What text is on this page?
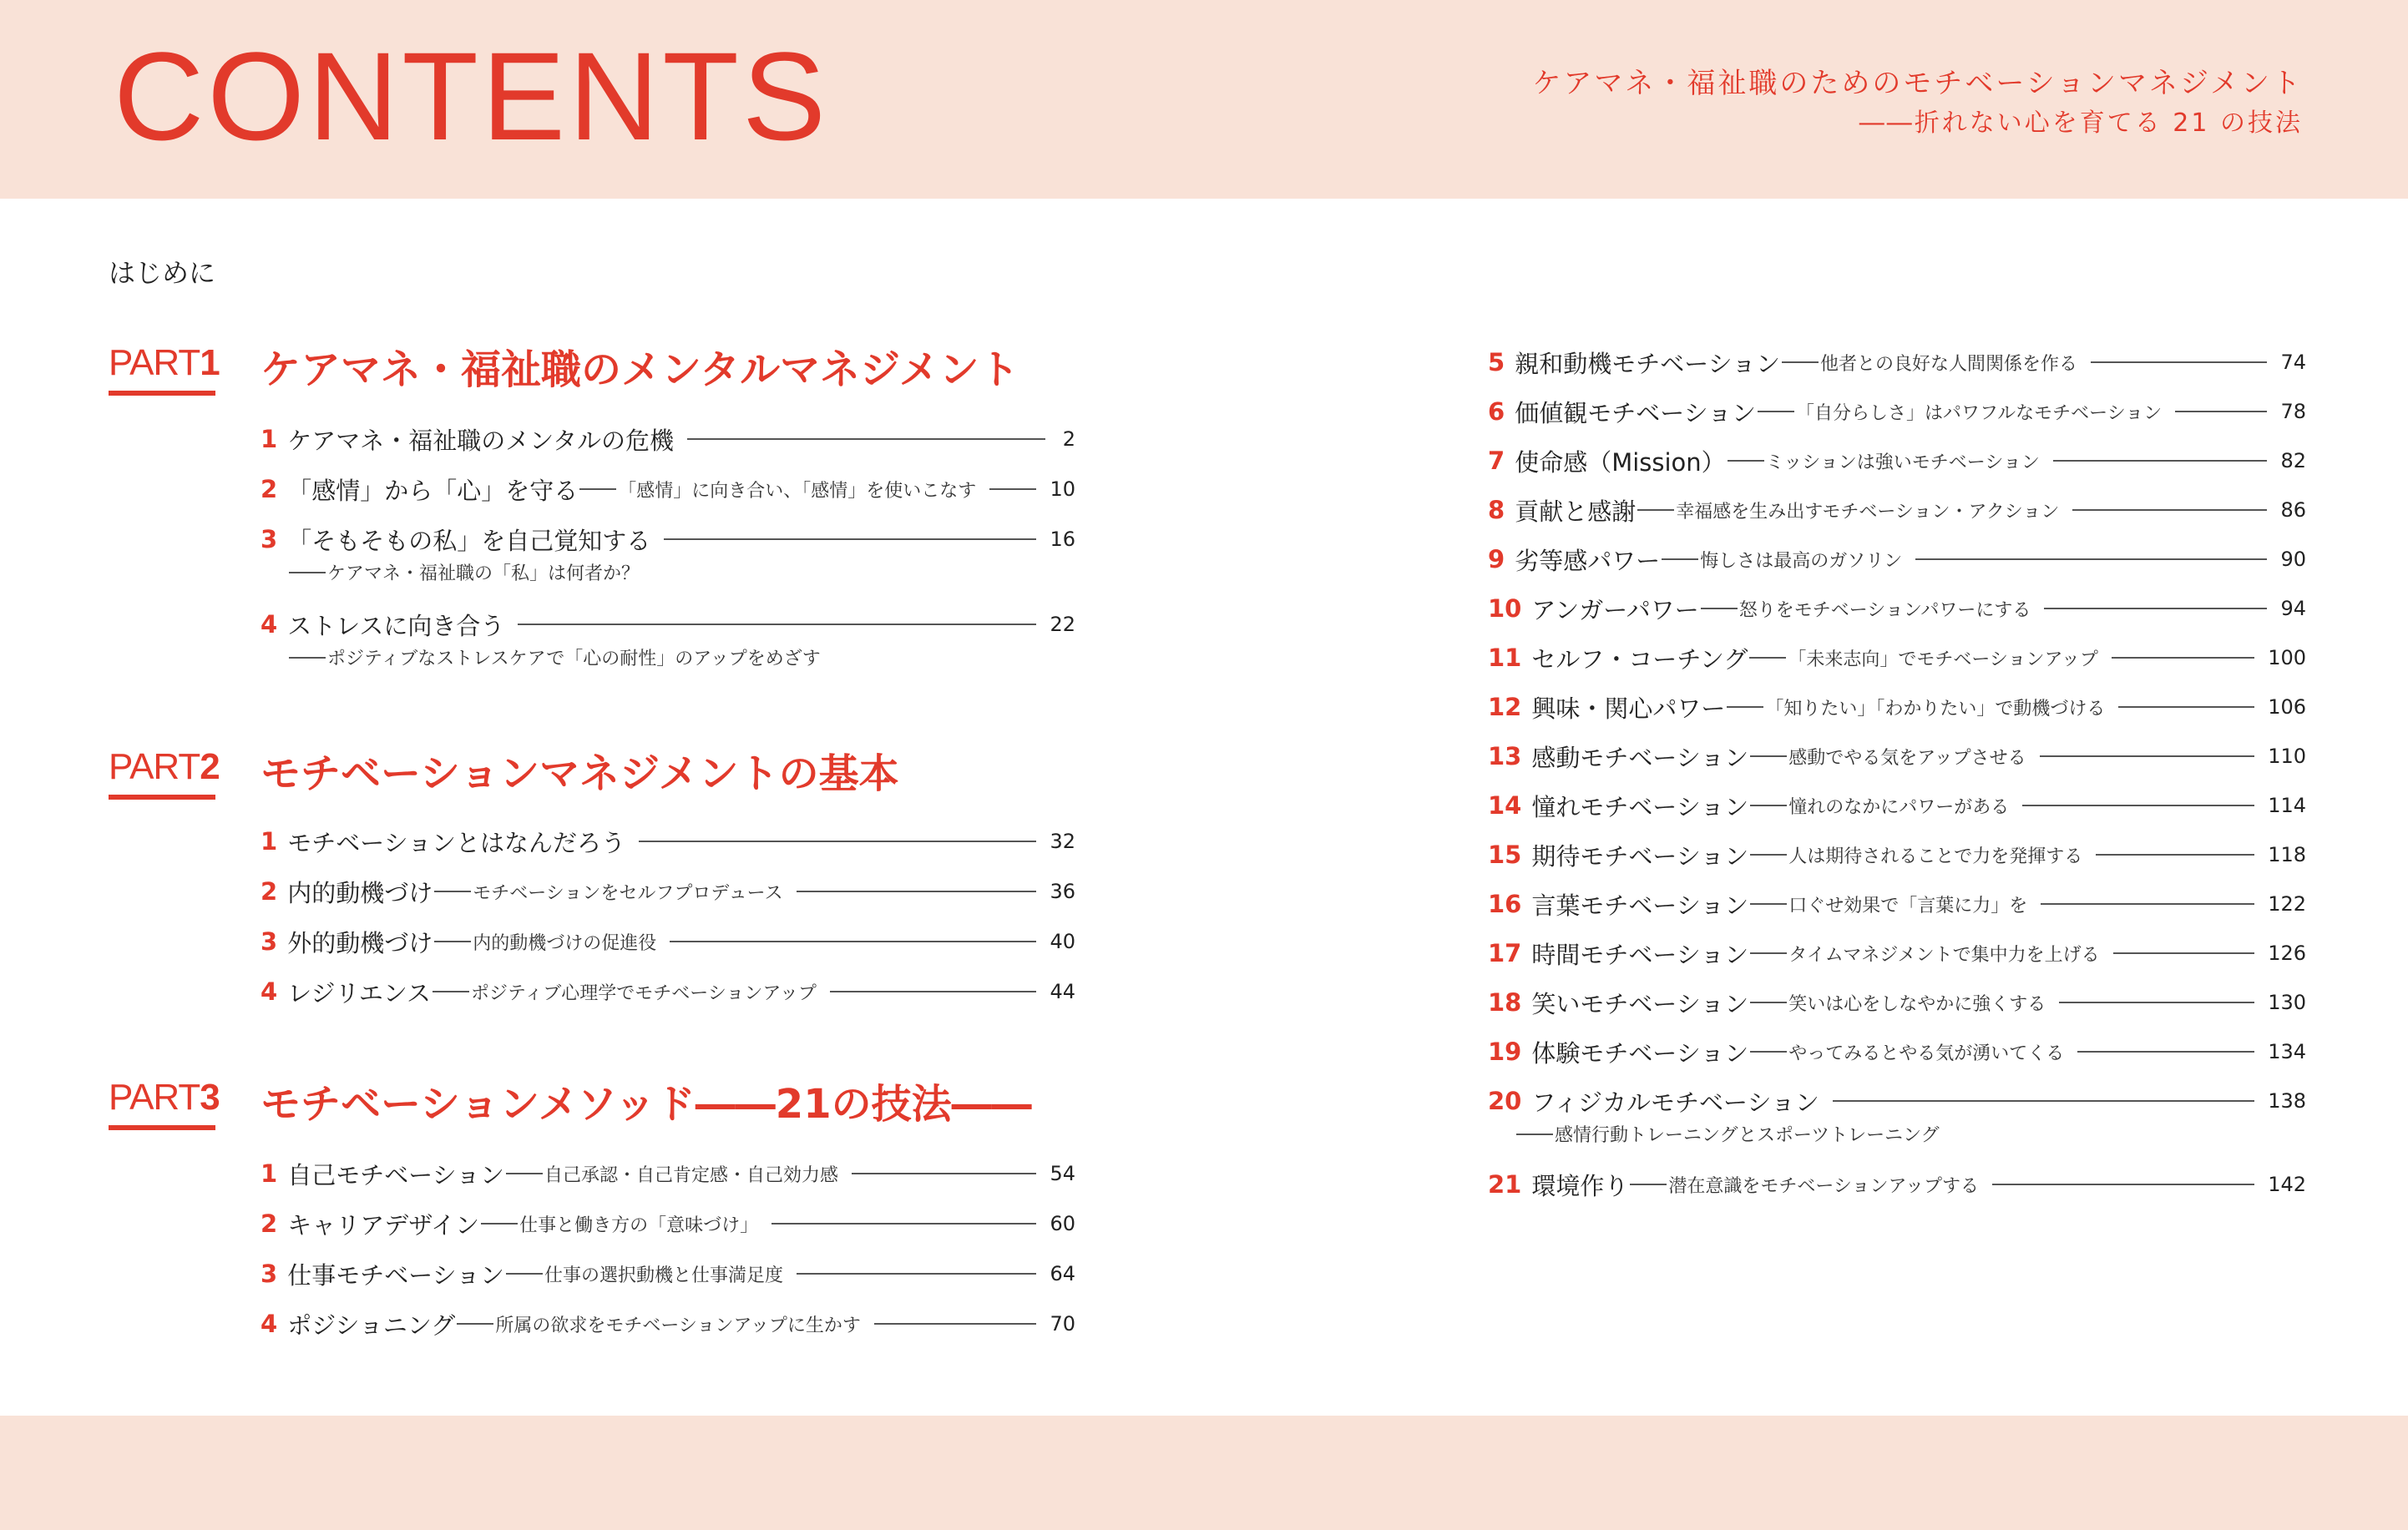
CONTENTS	ケアマネ・福祉職のためのモチベーションマネジメント
――折れない心を育てる 21 の技法
はじめに
PART1 ケアマネ・福祉職のメンタルマネジメント
1 ケアマネ・福祉職のメンタルの危機	2
2 「感情」から「心」を守る 「感情」に向き合い、「感情」を使いこなす	10
3 「そもそもの私」を自己覚知する	16
ケアマネ・福祉職の「私」は何者か？
4 ストレスに向き合う	22
ポジティブなストレスケアで「心の耐性」のアップをめざす
PART2 モチベーションマネジメントの基本
1 モチベーションとはなんだろう	32
2 内的動機づけ モチベーションをセルフプロデュース	36
3 外的動機づけ 内的動機づけの促進役	40
4 レジリエンス ポジティブ心理学でモチベーションアップ	44
PART3 モチベーションメソッド――21の技法――
1 自己モチベーション 自己承認・自己肯定感・自己効力感	54
2 キャリアデザイン 仕事と働き方の「意味づけ」	60
3 仕事モチベーション 仕事の選択動機と仕事満足度	64
4 ポジショニング 所属の欲求をモチベーションアップに生かす	70
5 親和動機モチベーション 他者との良好な人間関係を作る	74
6 価値観モチベーション 「自分らしさ」はパワフルなモチベーション	78
7 使命感（Mission） ミッションは強いモチベーション	82
8 貢献と感謝 幸福感を生み出すモチベーション・アクション	86
9 劣等感パワー 悔しさは最高のガソリン	90
10 アンガーパワー 怒りをモチベーションパワーにする	94
11 セルフ・コーチング 「未来志向」でモチベーションアップ	100
12 興味・関心パワー 「知りたい」「わかりたい」で動機づける	106
13 感動モチベーション 感動でやる気をアップさせる	110
14 憧れモチベーション 憧れのなかにパワーがある	114
15 期待モチベーション 人は期待されることで力を発揮する	118
16 言葉モチベーション 口ぐせ効果で「言葉に力」を	122
17 時間モチベーション タイムマネジメントで集中力を上げる	126
18 笑いモチベーション 笑いは心をしなやかに強くする	130
19 体験モチベーション やってみるとやる気が湧いてくる	134
20 フィジカルモチベーション	138
感情行動トレーニングとスポーツトレーニング
21 環境作り 潜在意識をモチベーションアップする	142
